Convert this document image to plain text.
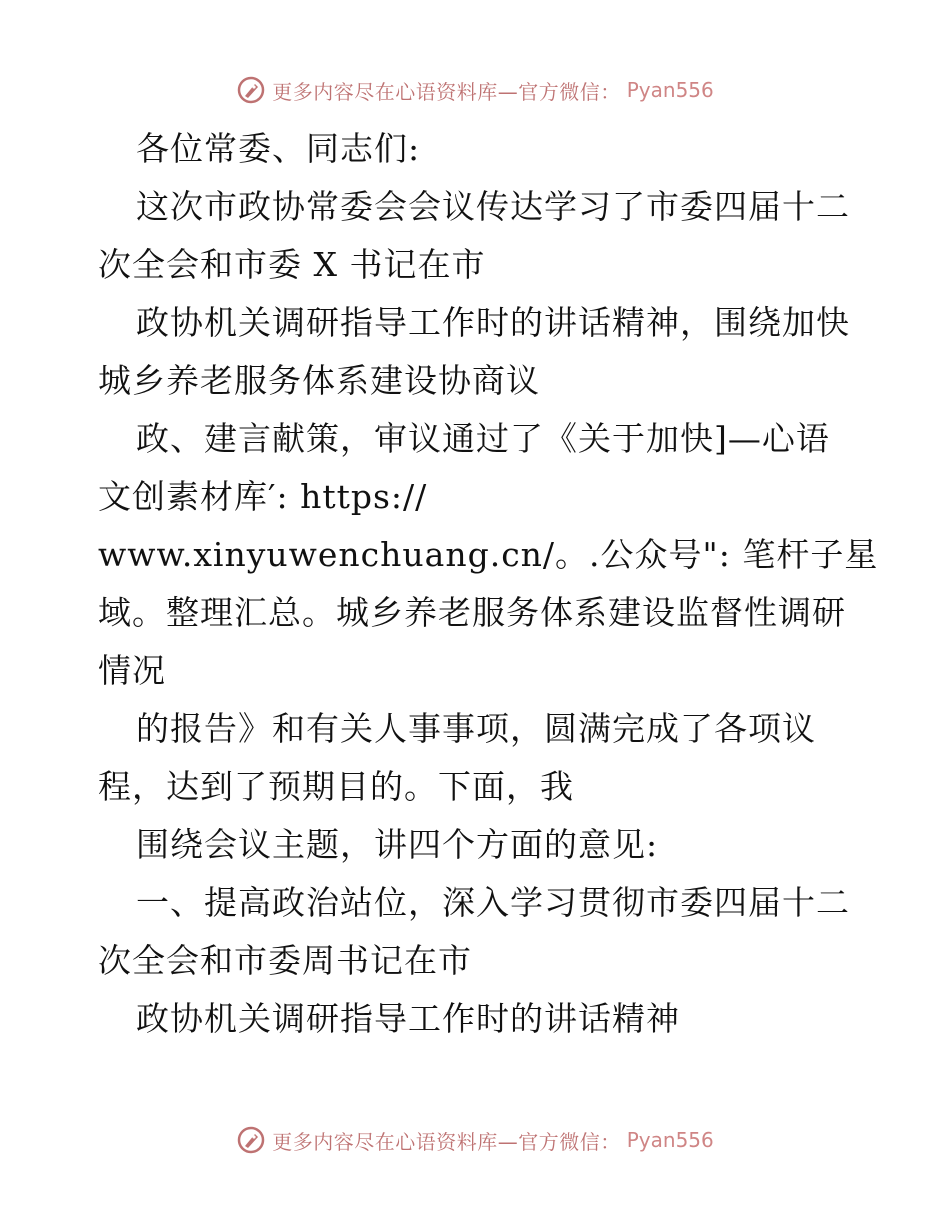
更多内容尽在心语资料库—官方微信： Pyan556
各位常委、同志们:
这次市政协常委会会议传达学习了市委四届十二
次全会和市委 X 书记在市
政协机关调研指导工作时的讲话精神，围绕加快
城乡养老服务体系建设协商议
政、建言献策，审议通过了《关于加快]—心语
文创素材库′: https://
www.xinyuwenchuang.cn/。.公众号": 笔杆子星
域。整理汇总。城乡养老服务体系建设监督性调研
情况
的报告》和有关人事事项，圆满完成了各项议
程，达到了预期目的。下面，我
围绕会议主题，讲四个方面的意见:
一、提高政治站位，深入学习贯彻市委四届十二
次全会和市委周书记在市
政协机关调研指导工作时的讲话精神
更多内容尽在心语资料库—官方微信： Pyan556
